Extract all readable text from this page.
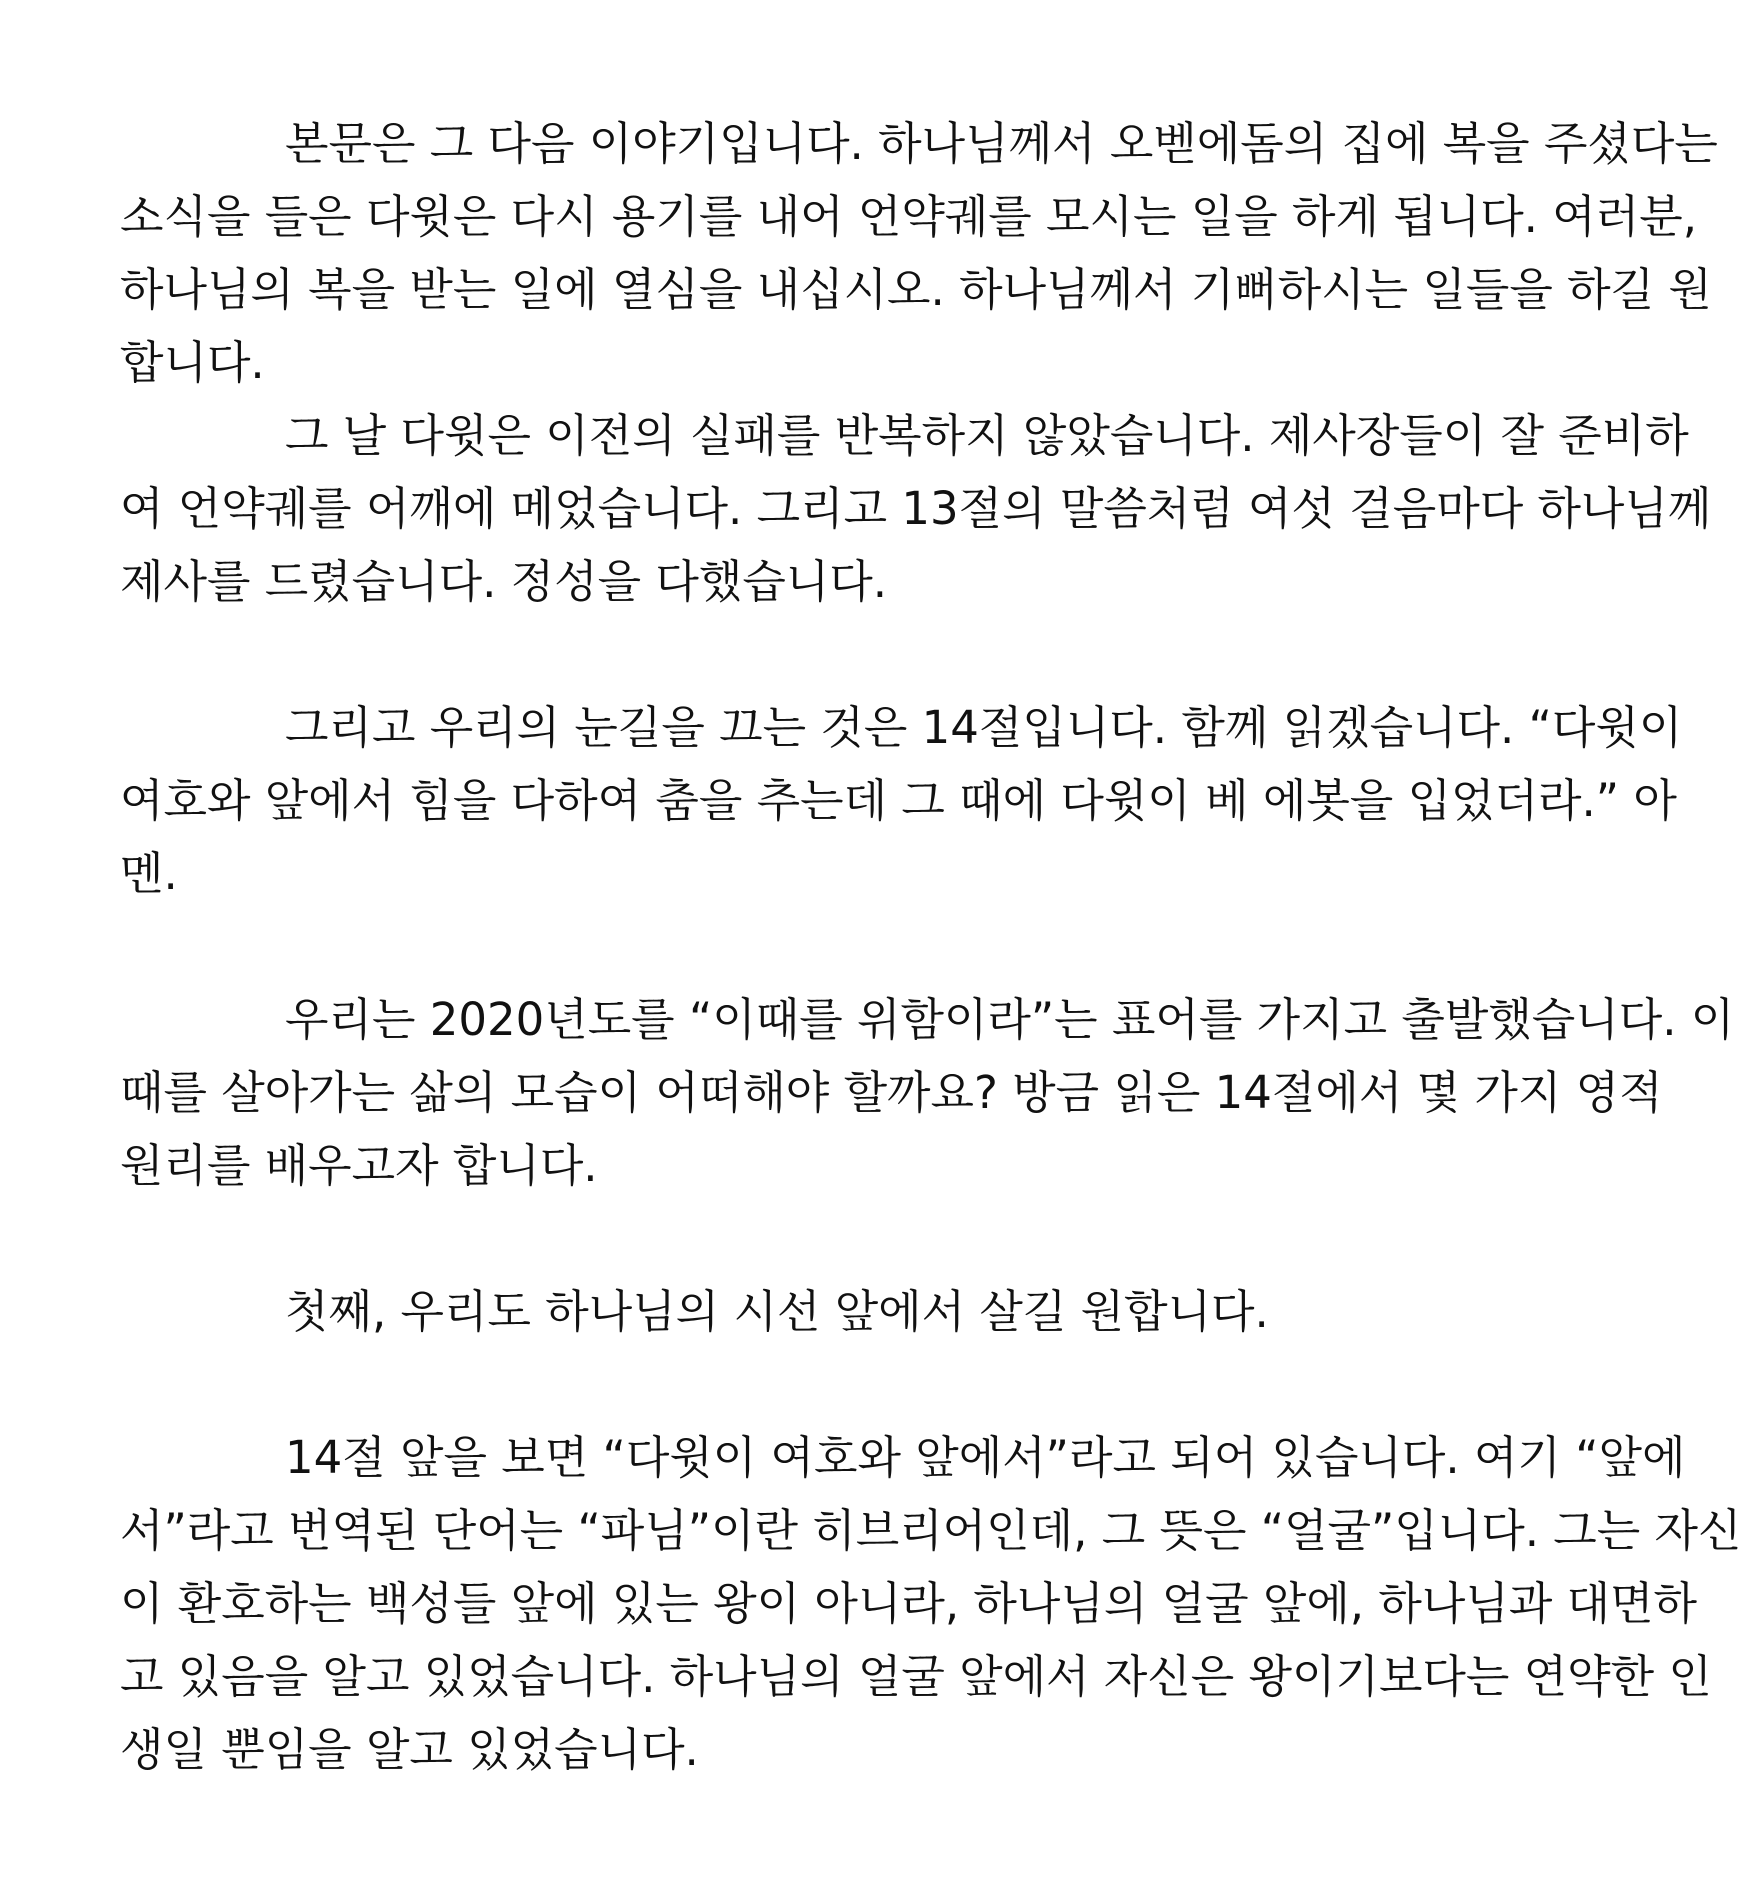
본문은 그 다음 이야기입니다. 하나님께서 오벧에돔의 집에 복을 주셨다는
소식을 들은 다윗은 다시 용기를 내어 언약궤를 모시는 일을 하게 됩니다. 여러분,
하나님의 복을 받는 일에 열심을 내십시오. 하나님께서 기뻐하시는 일들을 하길 원
합니다.
그 날 다윗은 이전의 실패를 반복하지 않았습니다. 제사장들이 잘 준비하
여 언약궤를 어깨에 메었습니다. 그리고 13절의 말씀처럼 여섯 걸음마다 하나님께
제사를 드렸습니다. 정성을 다했습니다.
그리고 우리의 눈길을 끄는 것은 14절입니다. 함께 읽겠습니다. “다윗이
여호와 앞에서 힘을 다하여 춤을 추는데 그 때에 다윗이 베 에봇을 입었더라.” 아
멘.
우리는 2020년도를 “이때를 위함이라”는 표어를 가지고 출발했습니다. 이
때를 살아가는 삶의 모습이 어떠해야 할까요? 방금 읽은 14절에서 몇 가지 영적
원리를 배우고자 합니다.
첫째, 우리도 하나님의 시선 앞에서 살길 원합니다.
14절 앞을 보면 “다윗이 여호와 앞에서”라고 되어 있습니다. 여기 “앞에
서”라고 번역된 단어는 “파님”이란 히브리어인데, 그 뜻은 “얼굴”입니다. 그는 자신
이 환호하는 백성들 앞에 있는 왕이 아니라, 하나님의 얼굴 앞에, 하나님과 대면하
고 있음을 알고 있었습니다. 하나님의 얼굴 앞에서 자신은 왕이기보다는 연약한 인
생일 뿐임을 알고 있었습니다.
